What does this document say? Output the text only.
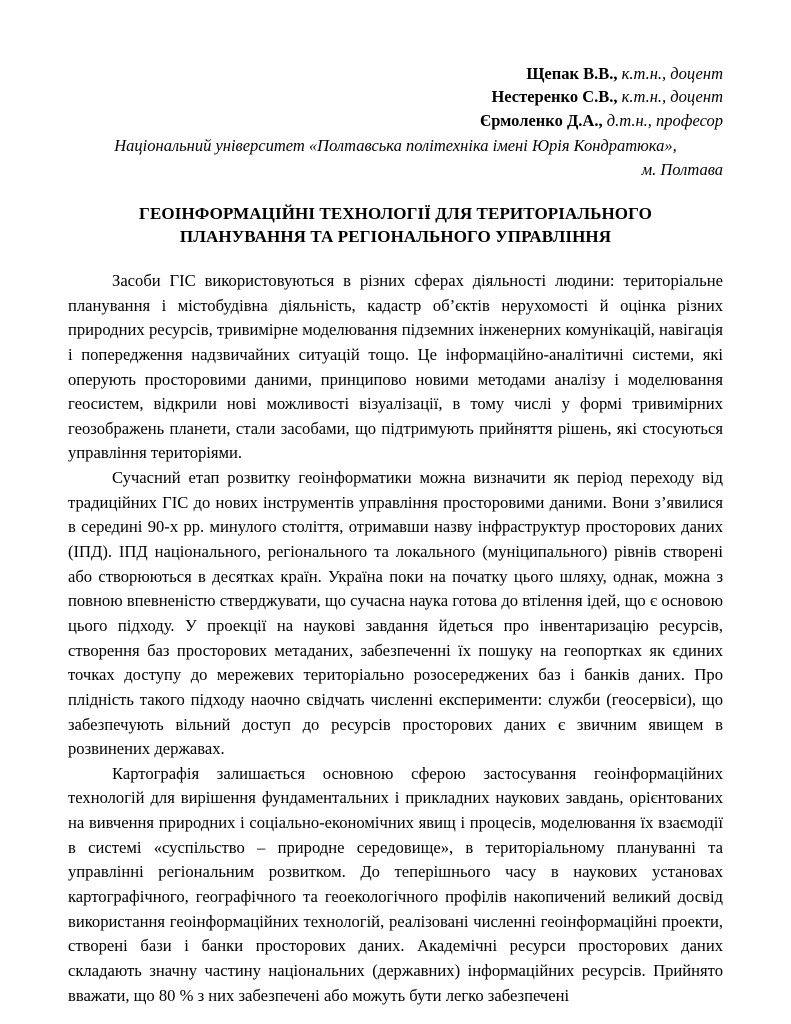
Щепак В.В., к.т.н., доцент
Нестеренко С.В., к.т.н., доцент
Єрмоленко Д.А., д.т.н., професор
Національний університет «Полтавська політехніка імені Юрія Кондратюка»,
м. Полтава
ГЕОІНФОРМАЦІЙНІ ТЕХНОЛОГІЇ ДЛЯ ТЕРИТОРІАЛЬНОГО
ПЛАНУВАННЯ ТА РЕГІОНАЛЬНОГО УПРАВЛІННЯ

Засоби ГІС використовуються в різних сферах діяльності людини: територіальне планування і містобудівна діяльність, кадастр об’єктів нерухомості й оцінка різних природних ресурсів, тривимірне моделювання підземних інженерних комунікацій, навігація і попередження надзвичайних ситуацій тощо. Це інформаційно-аналітичні системи, які оперують просторовими даними, принципово новими методами аналізу і моделювання геосистем, відкрили нові можливості візуалізації, в тому числі у формі тривимірних геозображень планети, стали засобами, що підтримують прийняття рішень, які стосуються управління територіями.

Сучасний етап розвитку геоінформатики можна визначити як період переходу від традиційних ГІС до нових інструментів управління просторовими даними. Вони з’явилися в середині 90-х рр. минулого століття, отримавши назву інфраструктур просторових даних (ІПД). ІПД національного, регіонального та локального (муніципального) рівнів створені або створюються в десятках країн. Україна поки на початку цього шляху, однак, можна з повною впевненістю стверджувати, що сучасна наука готова до втілення ідей, що є основою цього підходу. У проекції на наукові завдання йдеться про інвентаризацію ресурсів, створення баз просторових метаданих, забезпеченні їх пошуку на геопортках як єдиних точках доступу до мережевих територіально розосереджених баз і банків даних. Про плідність такого підходу наочно свідчать численні експерименти: служби (геосервіси), що забезпечують вільний доступ до ресурсів просторових даних є звичним явищем в розвинених державах.

Картографія залишається основною сферою застосування геоінформаційних технологій для вирішення фундаментальних і прикладних наукових завдань, орієнтованих на вивчення природних і соціально-економічних явищ і процесів, моделювання їх взаємодії в системі «суспільство – природне середовище», в територіальному плануванні та управлінні регіональним розвитком. До теперішнього часу в наукових установах картографічного, географічного та геоекологічного профілів накопичений великий досвід використання геоінформаційних технологій, реалізовані численні геоінформаційні проекти, створені бази і банки просторових даних. Академічні ресурси просторових даних складають значну частину національних (державних) інформаційних ресурсів. Прийнято вважати, що 80 % з них забезпечені або можуть бути легко забезпечені
